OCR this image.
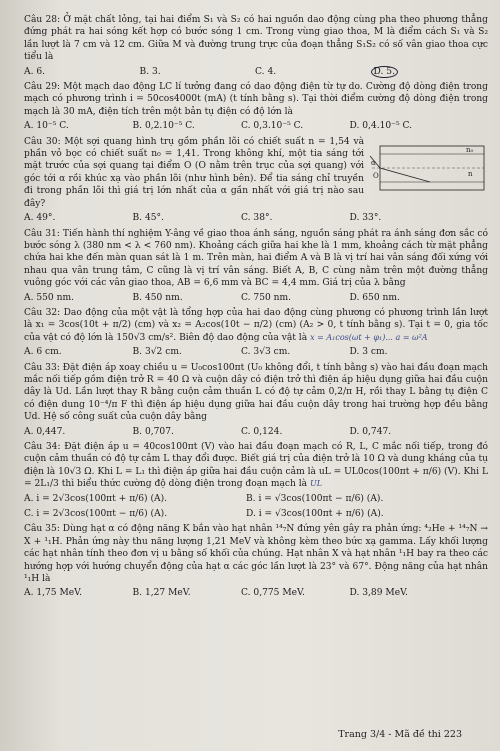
Câu 28: Ở mặt chất lỏng, tại hai điểm S₁ và S₂ có hai nguồn dao động cùng pha theo phương thẳng đứng phát ra hai sóng kết hợp có bước sóng 1 cm. Trong vùng giao thoa, M là điểm cách S₁ và S₂ lần lượt là 7 cm và 12 cm. Giữa M và đường trung trực của đoạn thẳng S₁S₂ có số vân giao thoa cực tiểu là

A. 6.	B. 3.	C. 4.	D. 5.

Câu 29: Một mạch dao động LC lí tưởng đang có dao động điện từ tự do. Cường độ dòng điện trong mạch có phương trình i = 50cos4000t (mA) (t tính bằng s). Tại thời điểm cường độ dòng điện trong mạch là 30 mA, điện tích trên một bản tụ điện có độ lớn là

A. 10⁻⁵ C.	B. 0,2.10⁻⁵ C.	C. 0,3.10⁻⁵ C.	D. 0,4.10⁻⁵ C.
n₀
O
α
n

Câu 30: Một sợi quang hình trụ gồm phần lõi có chiết suất n = 1,54 và phần vỏ bọc có chiết suất n₀ = 1,41. Trong không khí, một tia sáng tới mặt trước của sợi quang tại điểm O (O nằm trên trục của sợi quang) với góc tới α rồi khúc xạ vào phần lõi (như hình bên). Để tia sáng chỉ truyền đi trong phần lõi thì giá trị lớn nhất của α gần nhất với giá trị nào sau đây?

A. 49°.	B. 45°.	C. 38°.	D. 33°.

Câu 31: Tiến hành thí nghiệm Y-âng về giao thoa ánh sáng, nguồn sáng phát ra ánh sáng đơn sắc có bước sóng λ (380 nm < λ < 760 nm). Khoảng cách giữa hai khe là 1 mm, khoảng cách từ mặt phẳng chứa hai khe đến màn quan sát là 1 m. Trên màn, hai điểm A và B là vị trí hai vân sáng đối xứng với nhau qua vân trung tâm, C cũng là vị trí vân sáng. Biết A, B, C cùng nằm trên một đường thẳng vuông góc với các vân giao thoa, AB = 6,6 mm và BC = 4,4 mm. Giá trị của λ bằng

A. 550 nm.	B. 450 nm.	C. 750 nm.	D. 650 nm.

Câu 32: Dao động của một vật là tổng hợp của hai dao động cùng phương có phương trình lần lượt là x₁ = 3cos(10t + π/2) (cm) và x₂ = A₂cos(10t − π/2) (cm) (A₂ > 0, t tính bằng s). Tại t = 0, gia tốc của vật có độ lớn là 150√3 cm/s². Biên độ dao động của vật là x = A₁cos(ωt + φ₁)... a = ω²A

A. 6 cm.	B. 3√2 cm.	C. 3√3 cm.	D. 3 cm.

Câu 33: Đặt điện áp xoay chiều u = U₀cos100πt (U₀ không đổi, t tính bằng s) vào hai đầu đoạn mạch mắc nối tiếp gồm điện trở R = 40 Ω và cuộn dây có điện trở thì điện áp hiệu dụng giữa hai đầu cuộn dây là Ud. Lần lượt thay R bằng cuộn cảm thuần L có độ tự cảm 0,2/π H, rồi thay L bằng tụ điện C có điện dung 10⁻⁴/π F thì điện áp hiệu dụng giữa hai đầu cuộn dây trong hai trường hợp đều bằng Ud. Hệ số công suất của cuộn dây bằng

A. 0,447.	B. 0,707.	C. 0,124.	D. 0,747.

Câu 34: Đặt điện áp u = 40cos100πt (V) vào hai đầu đoạn mạch có R, L, C mắc nối tiếp, trong đó cuộn cảm thuần có độ tự cảm L thay đổi được. Biết giá trị của điện trở là 10 Ω và dung kháng của tụ điện là 10√3 Ω. Khi L = L₁ thì điện áp giữa hai đầu cuộn cảm là uL = UL0cos(100πt + π/6) (V). Khi L = 2L₁/3 thì biểu thức cường độ dòng điện trong đoạn mạch là UL

A. i = 2√3cos(100πt + π/6) (A).	B. i = √3cos(100πt − π/6) (A).
C. i = 2√3cos(100πt − π/6) (A).	D. i = √3cos(100πt + π/6) (A).

Câu 35: Dùng hạt α có động năng K bắn vào hạt nhân ¹⁴₇N đứng yên gây ra phản ứng: ⁴₂He + ¹⁴₇N → X + ¹₁H. Phản ứng này thu năng lượng 1,21 MeV và không kèm theo bức xạ gamma. Lấy khối lượng các hạt nhân tính theo đơn vị u bằng số khối của chúng. Hạt nhân X và hạt nhân ¹₁H bay ra theo các hướng hợp với hướng chuyển động của hạt α các góc lần lượt là 23° và 67°. Động năng của hạt nhân ¹₁H là

A. 1,75 MeV.	B. 1,27 MeV.	C. 0,775 MeV.	D. 3,89 MeV.
Trang 3/4 - Mã đề thi 223
